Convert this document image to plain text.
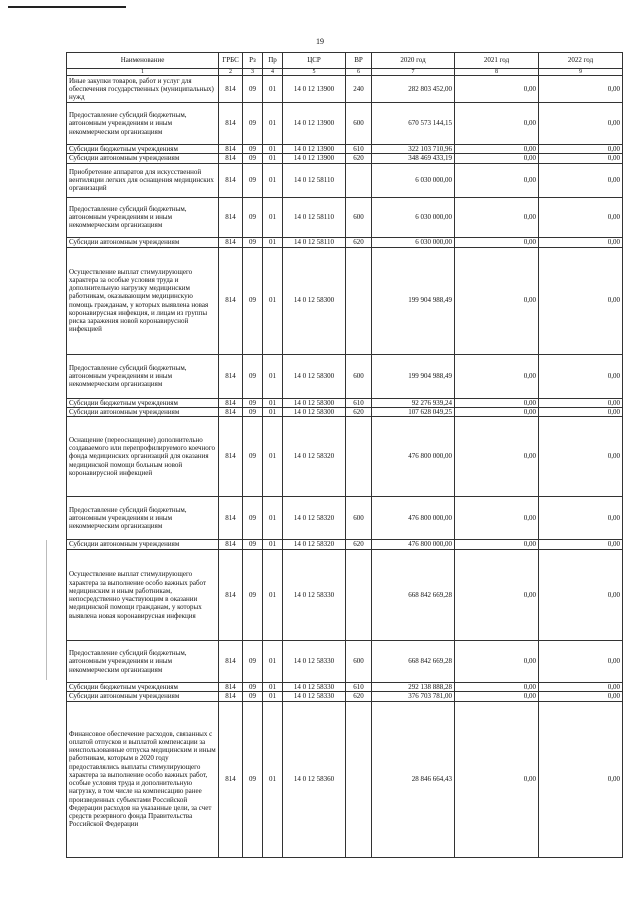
19
Наименование	ГРБС	Рз	Пр	ЦСР	ВР	2020 год	2021 год	2022 год
1	2	3	4	5	6	7	8	9
Иные закупки товаров, работ и услуг для обеспечения государственных (муниципальных) нужд	814	09	01	14 0 12 13900	240	282 803 452,00	0,00	0,00
Предоставление субсидий бюджетным, автономным учреждениям и иным некоммерческим организациям	814	09	01	14 0 12 13900	600	670 573 144,15	0,00	0,00
Субсидии бюджетным учреждениям	814	09	01	14 0 12 13900	610	322 103 710,96	0,00	0,00
Субсидии автономным учреждениям	814	09	01	14 0 12 13900	620	348 469 433,19	0,00	0,00
Приобретение аппаратов для искусственной вентиляции легких для оснащения медицинских организаций	814	09	01	14 0 12 58110		6 030 000,00	0,00	0,00
Предоставление субсидий бюджетным, автономным учреждениям и иным некоммерческим организациям	814	09	01	14 0 12 58110	600	6 030 000,00	0,00	0,00
Субсидии автономным учреждениям	814	09	01	14 0 12 58110	620	6 030 000,00	0,00	0,00
Осуществление выплат стимулирующего характера за особые условия труда и дополнительную нагрузку медицинским работникам, оказывающим медицинскую помощь гражданам, у которых выявлена новая коронавирусная инфекция, и лицам из группы риска заражения новой коронавирусной инфекцией	814	09	01	14 0 12 58300		199 904 988,49	0,00	0,00
Предоставление субсидий бюджетным, автономным учреждениям и иным некоммерческим организациям	814	09	01	14 0 12 58300	600	199 904 988,49	0,00	0,00
Субсидии бюджетным учреждениям	814	09	01	14 0 12 58300	610	92 276 939,24	0,00	0,00
Субсидии автономным учреждениям	814	09	01	14 0 12 58300	620	107 628 049,25	0,00	0,00
Оснащение (переоснащение) дополнительно создаваемого или перепрофилируемого коечного фонда медицинских организаций для оказания медицинской помощи больным новой коронавирусной инфекцией	814	09	01	14 0 12 58320		476 800 000,00	0,00	0,00
Предоставление субсидий бюджетным, автономным учреждениям и иным некоммерческим организациям	814	09	01	14 0 12 58320	600	476 800 000,00	0,00	0,00
Субсидии автономным учреждениям	814	09	01	14 0 12 58320	620	476 800 000,00	0,00	0,00
Осуществление выплат стимулирующего характера за выполнение особо важных работ медицинским и иным работникам, непосредственно участвующим в оказании медицинской помощи гражданам, у которых выявлена новая коронавирусная инфекция	814	09	01	14 0 12 58330		668 842 669,28	0,00	0,00
Предоставление субсидий бюджетным, автономным учреждениям и иным некоммерческим организациям	814	09	01	14 0 12 58330	600	668 842 669,28	0,00	0,00
Субсидии бюджетным учреждениям	814	09	01	14 0 12 58330	610	292 138 888,28	0,00	0,00
Субсидии автономным учреждениям	814	09	01	14 0 12 58330	620	376 703 781,00	0,00	0,00
Финансовое обеспечение расходов, связанных с оплатой отпусков и выплатой компенсации за неиспользованные отпуска медицинским и иным работникам, которым в 2020 году предоставлялись выплаты стимулирующего характера за выполнение особо важных работ, особые условия труда и дополнительную нагрузку, в том числе на компенсацию ранее произведенных субъектами Российской Федерации расходов на указанные цели, за счет средств резервного фонда Правительства Российской Федерации	814	09	01	14 0 12 58360		28 846 664,43	0,00	0,00
